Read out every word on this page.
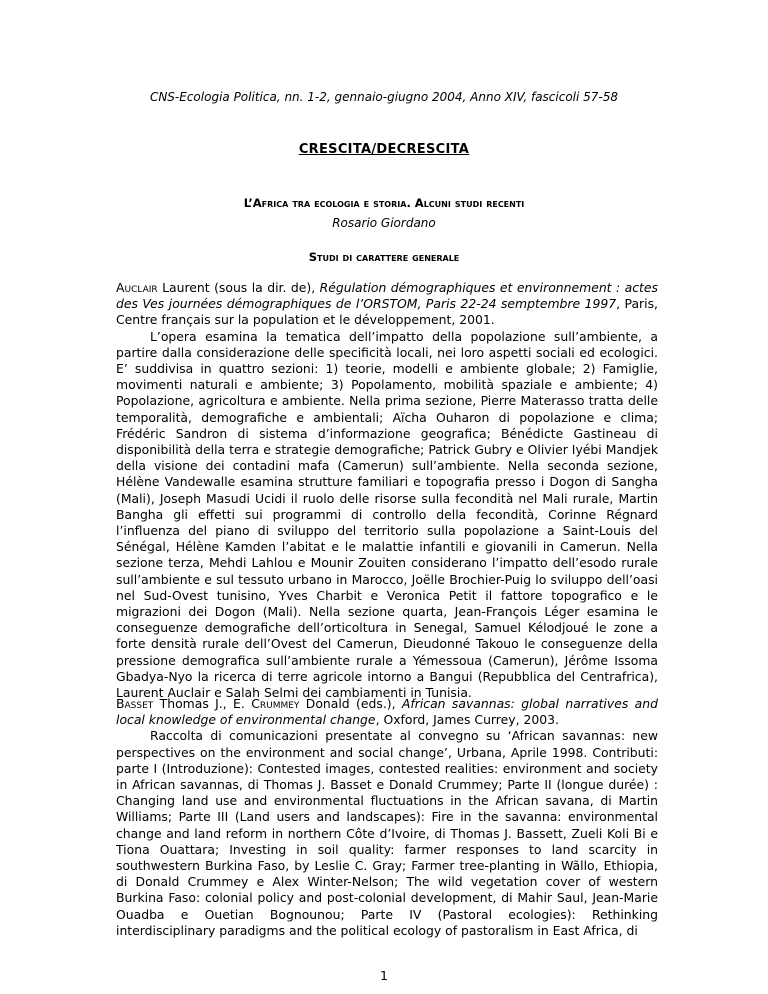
CNS-Ecologia Politica, nn. 1-2, gennaio-giugno 2004, Anno XIV, fascicoli 57-58
CRESCITA/DECRESCITA
L’Africa tra ecologia e storia. Alcuni studi recenti
Rosario Giordano
Studi di carattere generale

Auclair Laurent (sous la dir. de), Régulation démographiques et environnement : actes des Ves journées démographiques de l’ORSTOM, Paris 22-24 semptembre 1997, Paris, Centre français sur la population et le développement, 2001.

L’opera esamina la tematica dell’impatto della popolazione sull’ambiente, a partire dalla considerazione delle specificità locali, nei loro aspetti sociali ed ecologici. E’ suddivisa in quattro sezioni: 1) teorie, modelli e ambiente globale; 2) Famiglie, movimenti naturali e ambiente; 3) Popolamento, mobilità spaziale e ambiente; 4) Popolazione, agricoltura e ambiente. Nella prima sezione, Pierre Materasso tratta delle temporalità, demografiche e ambientali; Aïcha Ouharon di popolazione e clima; Frédéric Sandron di sistema d’informazione geografica; Bénédicte Gastineau di disponibilità della terra e strategie demografiche; Patrick Gubry e Olivier Iyébi Mandjek della visione dei contadini mafa (Camerun) sull’ambiente. Nella seconda sezione, Hélène Vandewalle esamina strutture familiari e topografia presso i Dogon di Sangha (Mali), Joseph Masudi Ucidi il ruolo delle risorse sulla fecondità nel Mali rurale, Martin Bangha gli effetti sui programmi di controllo della fecondità, Corinne Régnard l’influenza del piano di sviluppo del territorio sulla popolazione a Saint-Louis del Sénégal, Hélène Kamden l’abitat e le malattie infantili e giovanili in Camerun. Nella sezione terza, Mehdi Lahlou e Mounir Zouiten considerano l’impatto dell’esodo rurale sull’ambiente e sul tessuto urbano in Marocco, Joëlle Brochier-Puig lo sviluppo dell’oasi nel Sud-Ovest tunisino, Yves Charbit e Veronica Petit il fattore topografico e le migrazioni dei Dogon (Mali). Nella sezione quarta, Jean-François Léger esamina le conseguenze demografiche dell’orticoltura in Senegal, Samuel Kélodjoué le zone a forte densità rurale dell’Ovest del Camerun, Dieudonné Takouo le conseguenze della pressione demografica sull’ambiente rurale a Yémessoua (Camerun), Jérôme Issoma Gbadya-Nyo la ricerca di terre agricole intorno a Bangui (Repubblica del Centrafrica), Laurent Auclair e Salah Selmi dei cambiamenti in Tunisia.

Basset Thomas J., E. Crummey Donald (eds.), African savannas: global narratives and local knowledge of environmental change, Oxford, James Currey, 2003.

Raccolta di comunicazioni presentate al convegno su ‘African savannas: new perspectives on the environment and social change’, Urbana, Aprile 1998. Contributi: parte I (Introduzione): Contested images, contested realities: environment and society in African savannas, di Thomas J. Basset e Donald Crummey; Parte II (longue durée) : Changing land use and environmental fluctuations in the African savana, di Martin Williams; Parte III (Land users and landscapes): Fire in the savanna: environmental change and land reform in northern Côte d’Ivoire, di Thomas J. Bassett, Zueli Koli Bi e Tiona Ouattara; Investing in soil quality: farmer responses to land scarcity in southwestern Burkina Faso, by Leslie C. Gray; Farmer tree-planting in Wãllo, Ethiopia, di Donald Crummey e Alex Winter-Nelson; The wild vegetation cover of western Burkina Faso: colonial policy and post-colonial development, di Mahir Saul, Jean-Marie Ouadba e Ouetian Bognounou; Parte IV (Pastoral ecologies): Rethinking interdisciplinary paradigms and the political ecology of pastoralism in East Africa, di

1
